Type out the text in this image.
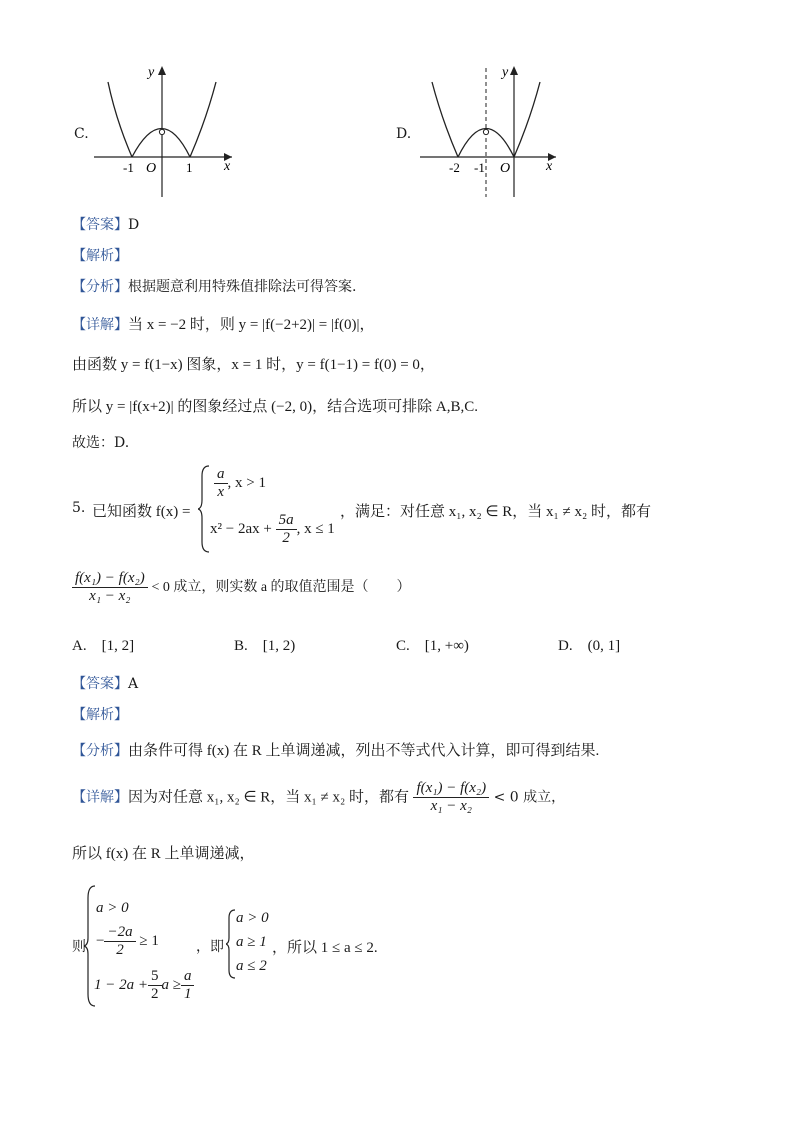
C.
y
x
O
-1	1
D.
y
x
O
-2 -1
【答案】D
【解析】
【分析】根据题意利用特殊值排除法可得答案.
【详解】当 x = −2 时，则 y = |f(−2+2)| = |f(0)|，
由函数 y = f(1−x) 图象，x = 1 时，y = f(1−1) = f(0) = 0，
所以 y = |f(x+2)| 的图象经过点 (−2, 0)，结合选项可排除 A,B,C.
故选：D.
5. 已知函数 f(x) =
$\frac{a}{x}$ , x > 1
$x^2 - 2ax + \frac{5a}{2}$ , x ≤ 1
，满足：对任意 x₁, x₂ ∈ R，当 x₁ ≠ x₂ 时，都有
$\frac{\text{f(x₁) − f(x₂)}}{\text{x₁ − x₂}} < 0$ 成立，则实数 a 的取值范围是（　　）
A.　[1, 2]	B.　[1, 2)	C.　[1, +∞)	D.　(0, 1]
【答案】A
【解析】
【分析】由条件可得 f(x) 在 R 上单调递减，列出不等式代入计算，即可得到结果.
【详解】因为对任意 x₁, x₂ ∈ R，当 x₁ ≠ x₂ 时，都有 $\frac{\text{f(x₁) − f(x₂)}}{\text{x₁ − x₂}} < 0$ 成立，
所以 f(x) 在 R 上单调递减，
则
a > 0
− $\frac{-2a}{2} \ge 1$
$1 - 2a + \frac{5}{2}$ $a \ge \frac{a}{1}$
，即
a > 0
a ≥ 1
a ≤ 2
，所以 1 ≤ a ≤ 2.
